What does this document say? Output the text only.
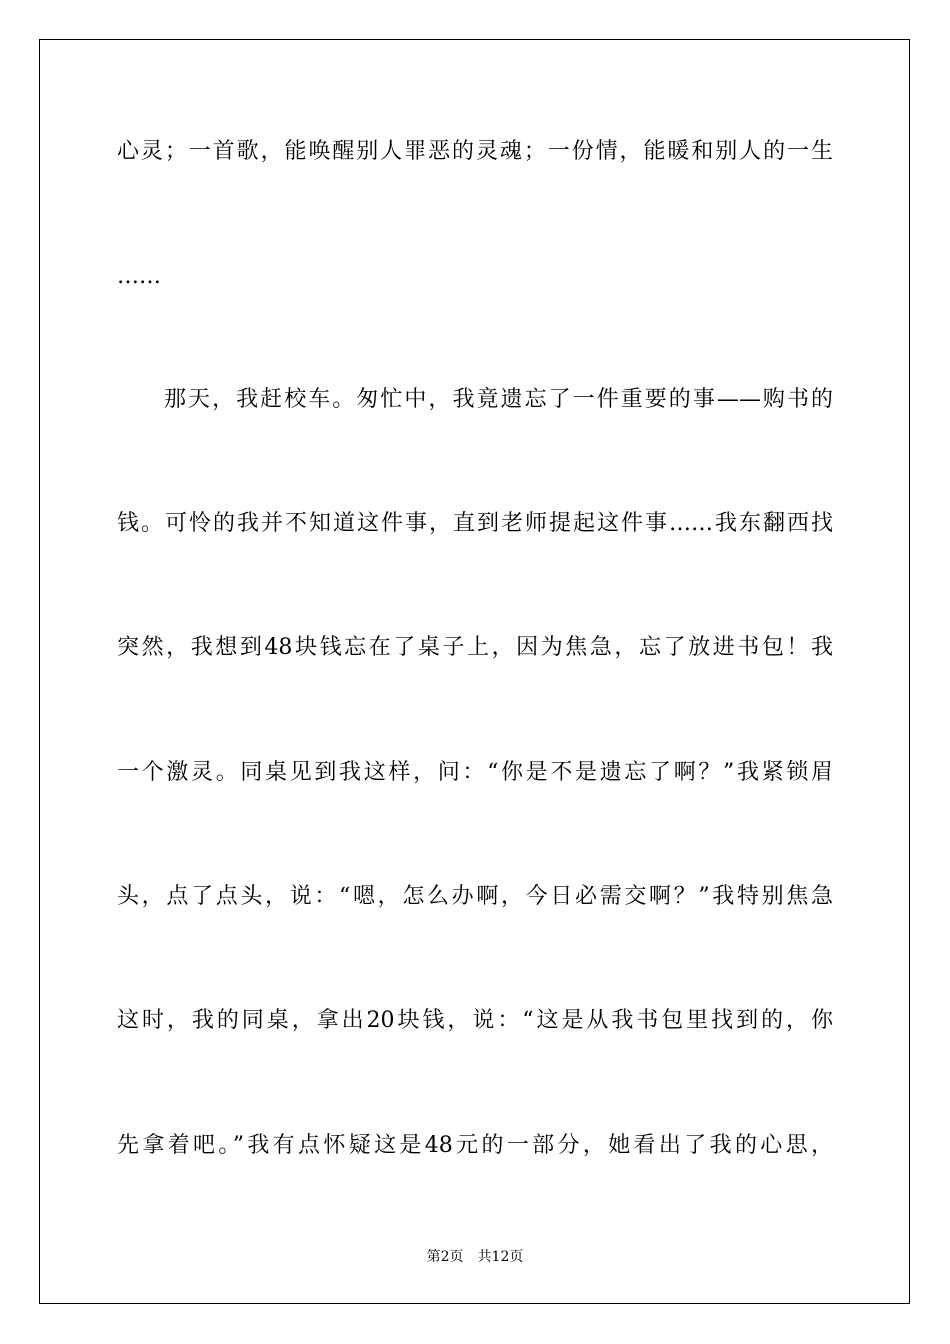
心灵；一首歌，能唤醒别人罪恶的灵魂；一份情，能暖和别人的一生
……
那天，我赶校车。匆忙中，我竟遗忘了一件重要的事——购书的
钱。可怜的我并不知道这件事，直到老师提起这件事……我东翻西找
突然，我想到48块钱忘在了桌子上，因为焦急，忘了放进书包！我
一个激灵。同桌见到我这样，问：“你是不是遗忘了啊？”我紧锁眉
头，点了点头，说：“嗯，怎么办啊，今日必需交啊？”我特别焦急
这时，我的同桌，拿出20块钱，说：“这是从我书包里找到的，你
先拿着吧。”我有点怀疑这是48元的一部分，她看出了我的心思，
第2页 共12页
